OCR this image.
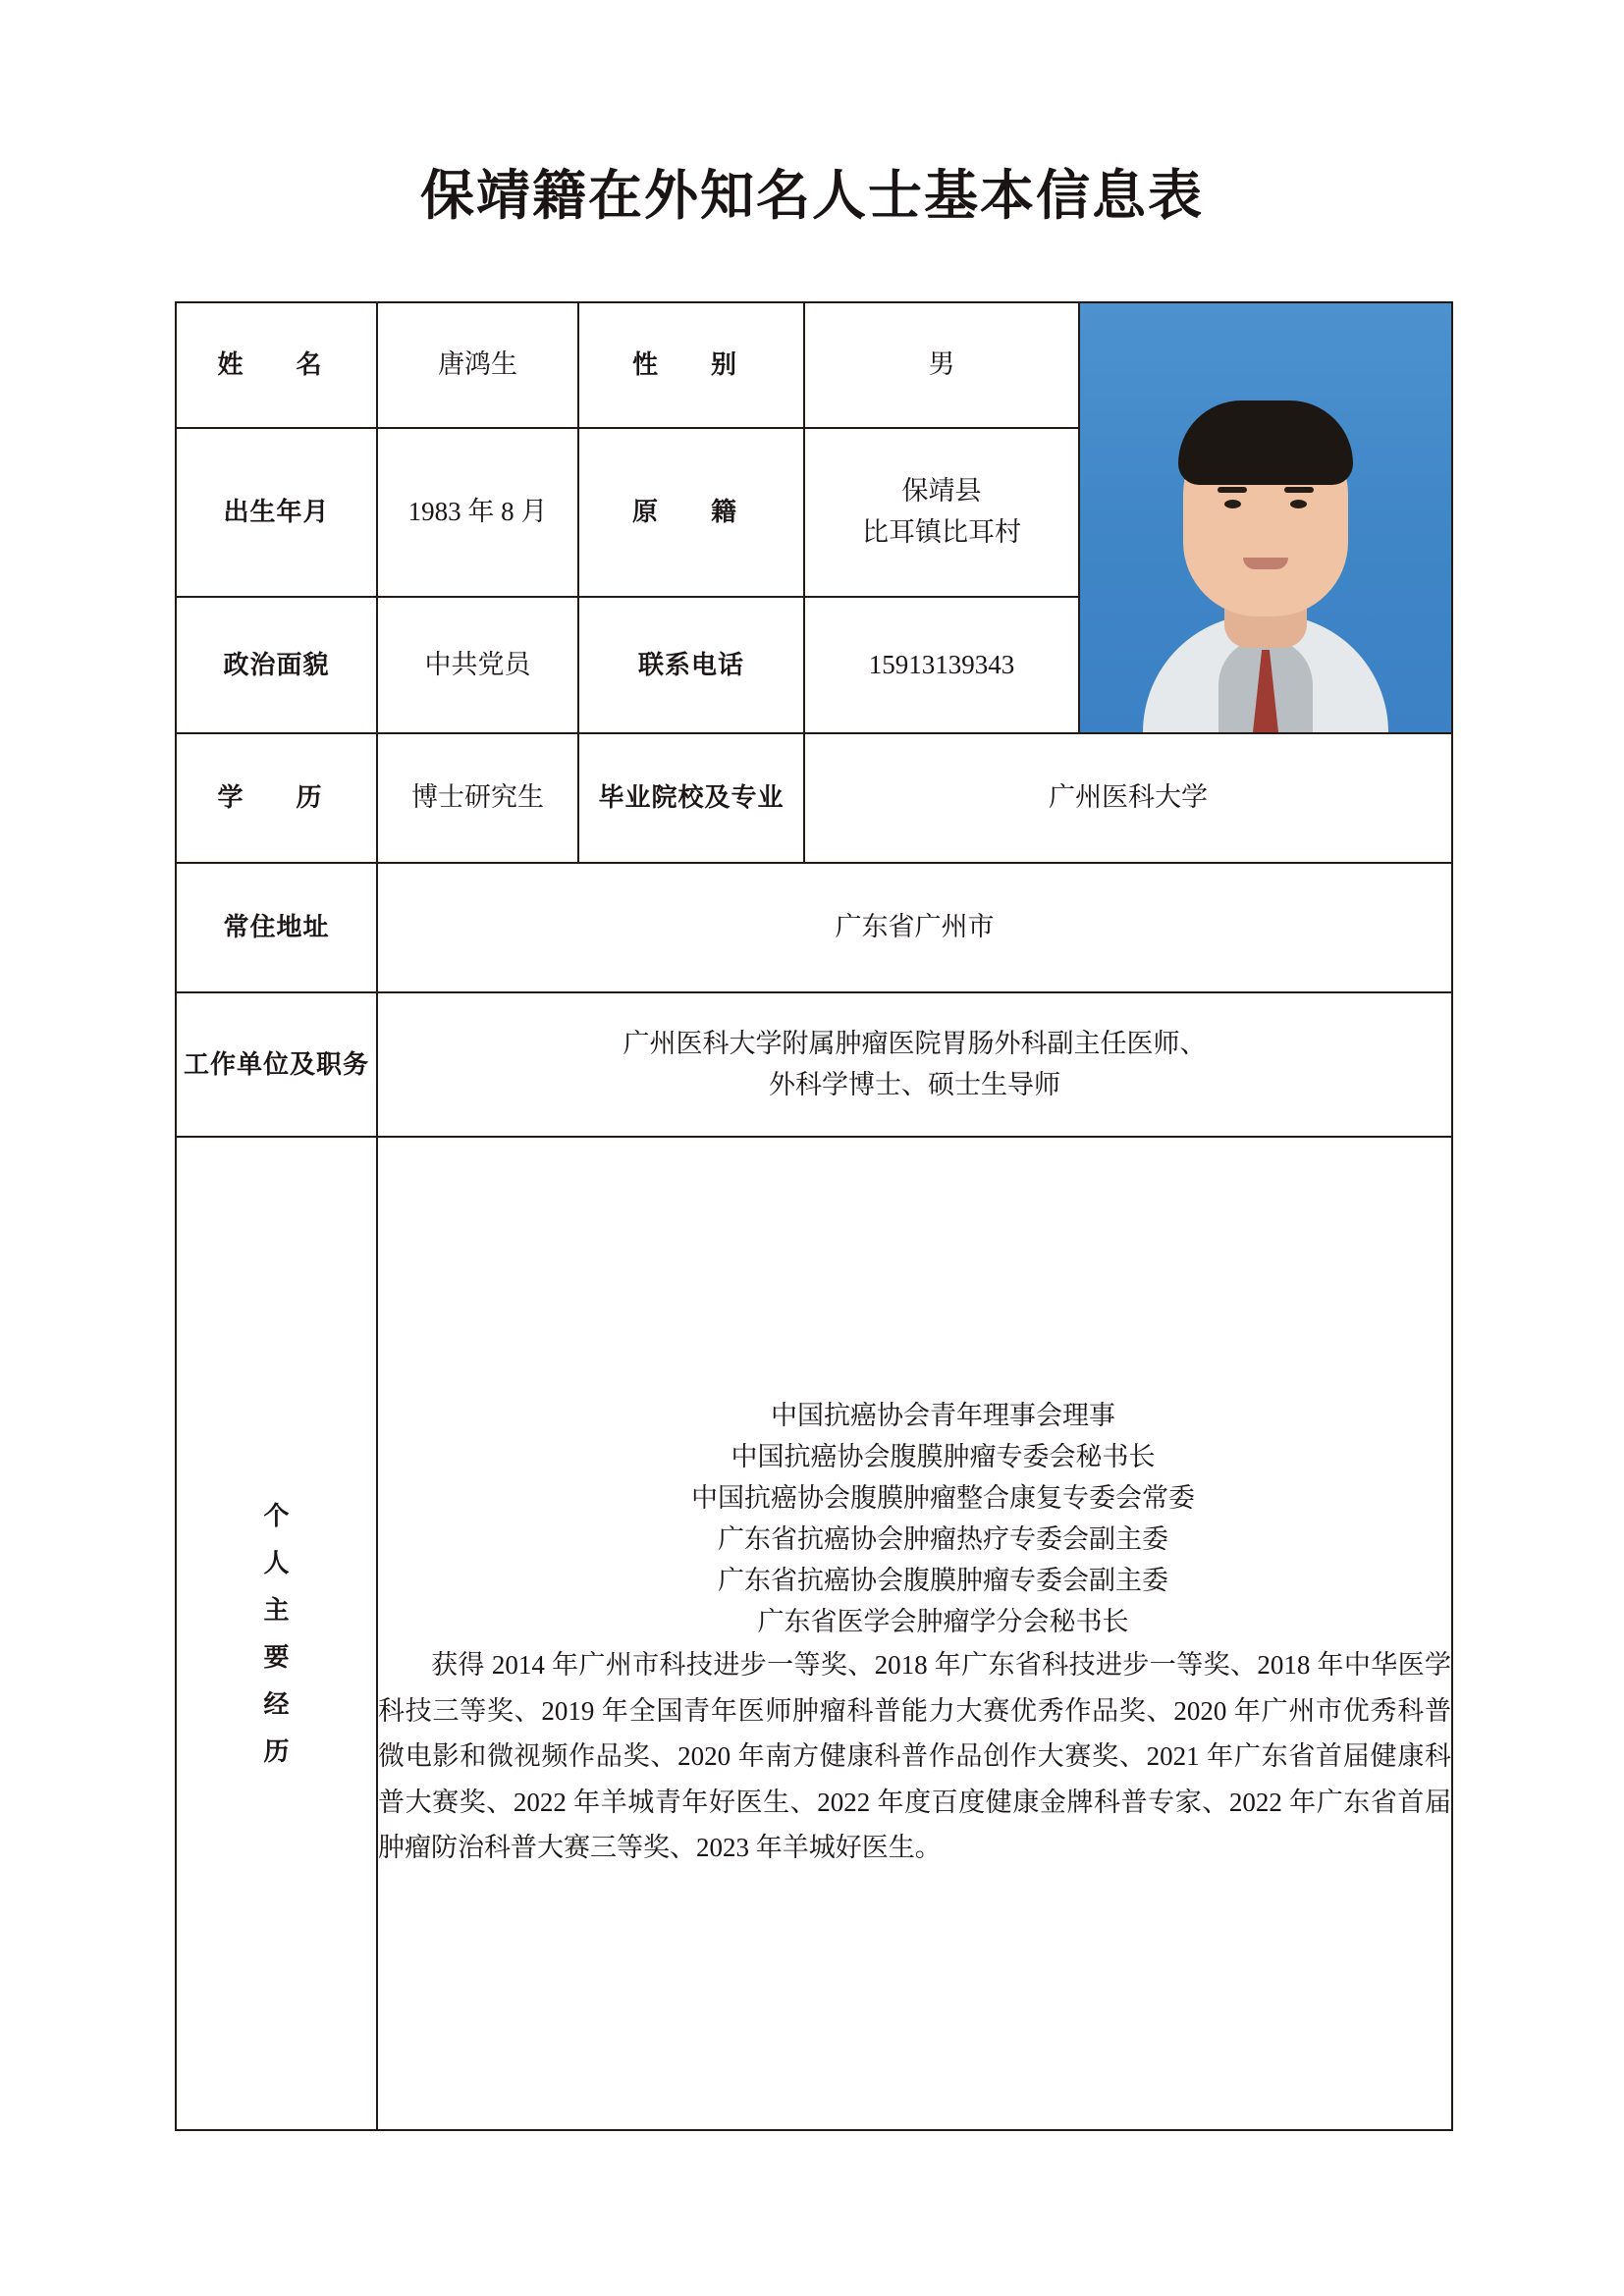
保靖籍在外知名人士基本信息表
姓　名	唐鸿生	性　别	男	

出生年月	1983 年 8 月	原　籍	保靖县
比耳镇比耳村	

政治面貌	中共党员	联系电话	15913139343	
学　历	博士研究生	毕业院校及专业	广州医科大学	
常住地址	广东省广州市			
工作单位及职务	广州医科大学附属肿瘤医院胃肠外科副主任医师、
外科学博士、硕士生导师			

个
人
主
要
经
历

中国抗癌协会青年理事会理事
中国抗癌协会腹膜肿瘤专委会秘书长
中国抗癌协会腹膜肿瘤整合康复专委会常委
广东省抗癌协会肿瘤热疗专委会副主委
广东省抗癌协会腹膜肿瘤专委会副主委
广东省医学会肿瘤学分会秘书长

获得 2014 年广州市科技进步一等奖、2018 年广东省科技进步一等奖、2018 年中华医学科技三等奖、2019 年全国青年医师肿瘤科普能力大赛优秀作品奖、2020 年广州市优秀科普微电影和微视频作品奖、2020 年南方健康科普作品创作大赛奖、2021 年广东省首届健康科普大赛奖、2022 年羊城青年好医生、2022 年度百度健康金牌科普专家、2022 年广东省首届肿瘤防治科普大赛三等奖、2023 年羊城好医生。
